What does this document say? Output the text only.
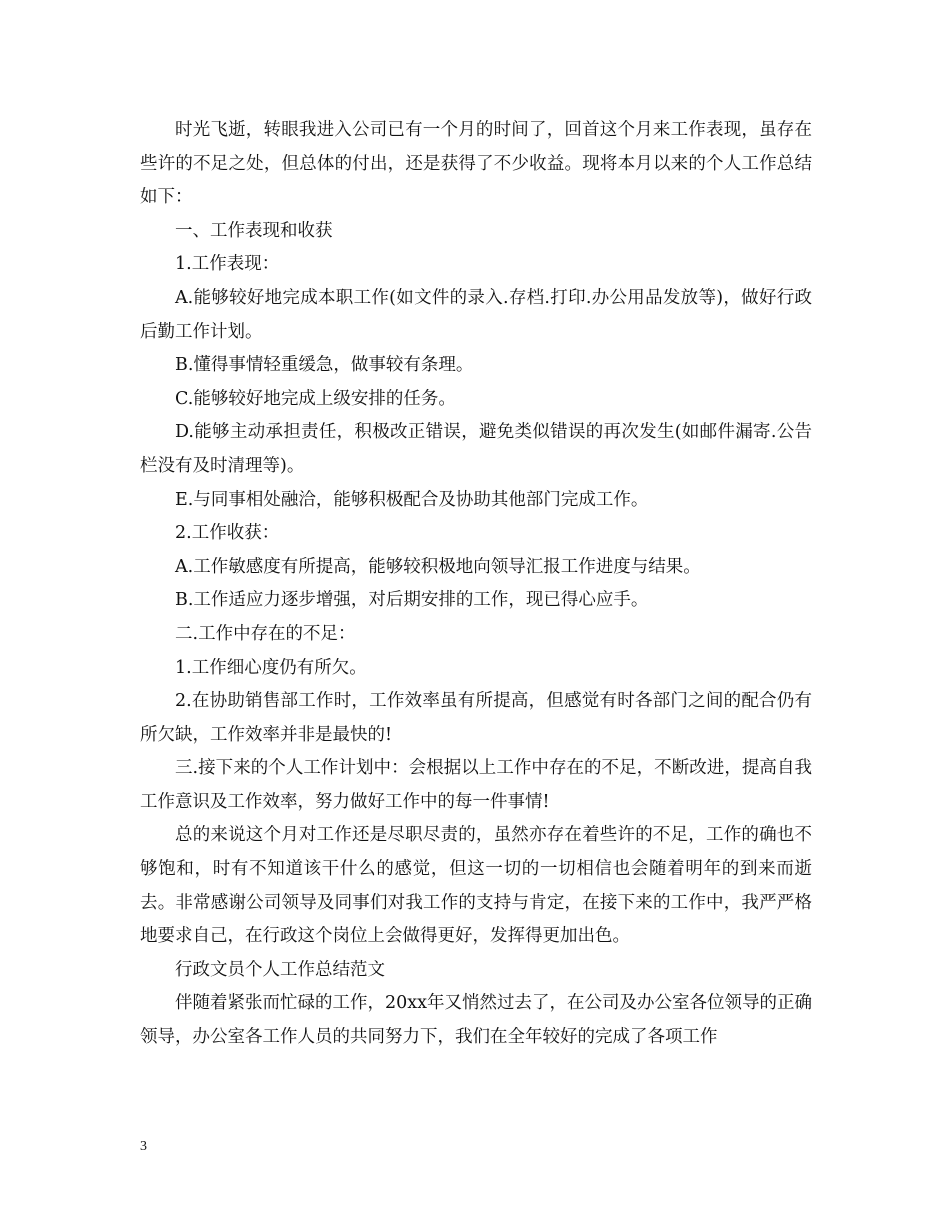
时光飞逝，转眼我进入公司已有一个月的时间了，回首这个月来工作表现，虽存在些许的不足之处，但总体的付出，还是获得了不少收益。现将本月以来的个人工作总结如下：

一、工作表现和收获

1.工作表现：

A.能够较好地完成本职工作(如文件的录入.存档.打印.办公用品发放等)，做好行政后勤工作计划。

B.懂得事情轻重缓急，做事较有条理。

C.能够较好地完成上级安排的任务。

D.能够主动承担责任，积极改正错误，避免类似错误的再次发生(如邮件漏寄.公告栏没有及时清理等)。

E.与同事相处融洽，能够积极配合及协助其他部门完成工作。

2.工作收获：

A.工作敏感度有所提高，能够较积极地向领导汇报工作进度与结果。

B.工作适应力逐步增强，对后期安排的工作，现已得心应手。

二.工作中存在的不足：

1.工作细心度仍有所欠。

2.在协助销售部工作时，工作效率虽有所提高，但感觉有时各部门之间的配合仍有所欠缺，工作效率并非是最快的!

三.接下来的个人工作计划中：会根据以上工作中存在的不足，不断改进，提高自我工作意识及工作效率，努力做好工作中的每一件事情!

总的来说这个月对工作还是尽职尽责的，虽然亦存在着些许的不足，工作的确也不够饱和，时有不知道该干什么的感觉，但这一切的一切相信也会随着明年的到来而逝去。非常感谢公司领导及同事们对我工作的支持与肯定，在接下来的工作中，我严严格地要求自己，在行政这个岗位上会做得更好，发挥得更加出色。

行政文员个人工作总结范文

伴随着紧张而忙碌的工作，20xx年又悄然过去了，在公司及办公室各位领导的正确领导，办公室各工作人员的共同努力下，我们在全年较好的完成了各项工作

3
